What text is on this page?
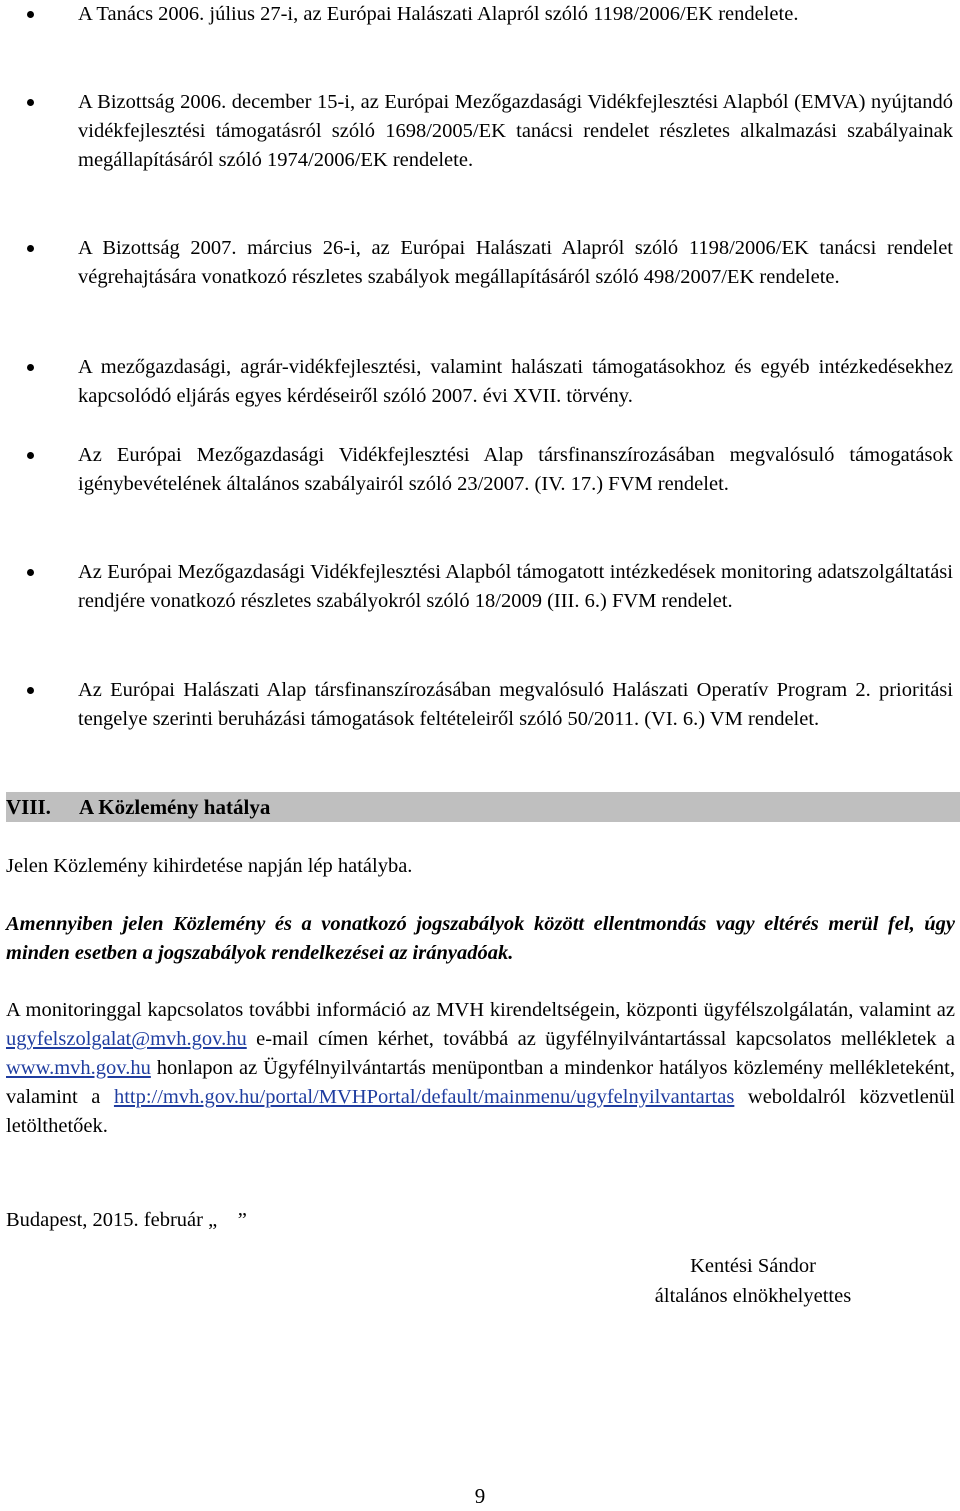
A Tanács 2006. július 27-i, az Európai Halászati Alapról szóló 1198/2006/EK rendelete.
A Bizottság 2006. december 15-i, az Európai Mezőgazdasági Vidékfejlesztési Alapból (EMVA) nyújtandó vidékfejlesztési támogatásról szóló 1698/2005/EK tanácsi rendelet részletes alkalmazási szabályainak megállapításáról szóló 1974/2006/EK rendelete.
A Bizottság 2007. március 26-i, az Európai Halászati Alapról szóló 1198/2006/EK tanácsi rendelet végrehajtására vonatkozó részletes szabályok megállapításáról szóló 498/2007/EK rendelete.
A mezőgazdasági, agrár-vidékfejlesztési, valamint halászati támogatásokhoz és egyéb intézkedésekhez kapcsolódó eljárás egyes kérdéseiről szóló 2007. évi XVII. törvény.
Az Európai Mezőgazdasági Vidékfejlesztési Alap társfinanszírozásában megvalósuló támogatások igénybevételének általános szabályairól szóló 23/2007. (IV. 17.) FVM rendelet.
Az Európai Mezőgazdasági Vidékfejlesztési Alapból támogatott intézkedések monitoring adatszolgáltatási rendjére vonatkozó részletes szabályokról szóló 18/2009 (III. 6.) FVM rendelet.
Az Európai Halászati Alap társfinanszírozásában megvalósuló Halászati Operatív Program 2. prioritási tengelye szerinti beruházási támogatások feltételeiről szóló 50/2011. (VI. 6.) VM rendelet.
VIII. A Közlemény hatálya

Jelen Közlemény kihirdetése napján lép hatályba.

Amennyiben jelen Közlemény és a vonatkozó jogszabályok között ellentmondás vagy eltérés merül fel, úgy minden esetben a jogszabályok rendelkezései az irányadóak.

A monitoringgal kapcsolatos további információ az MVH kirendeltségein, központi ügyfélszolgálatán, valamint az ugyfelszolgalat@mvh.gov.hu e-mail címen kérhet, továbbá az ügyfélnyilvántartással kapcsolatos mellékletek a www.mvh.gov.hu honlapon az Ügyfélnyilvántartás menüpontban a mindenkor hatályos közlemény mellékleteként, valamint a http://mvh.gov.hu/portal/MVHPortal/default/mainmenu/ugyfelnyilvantartas weboldalról közvetlenül letölthetőek.

Budapest, 2015. február „    ”
Kentési Sándor
általános elnökhelyettes
9
